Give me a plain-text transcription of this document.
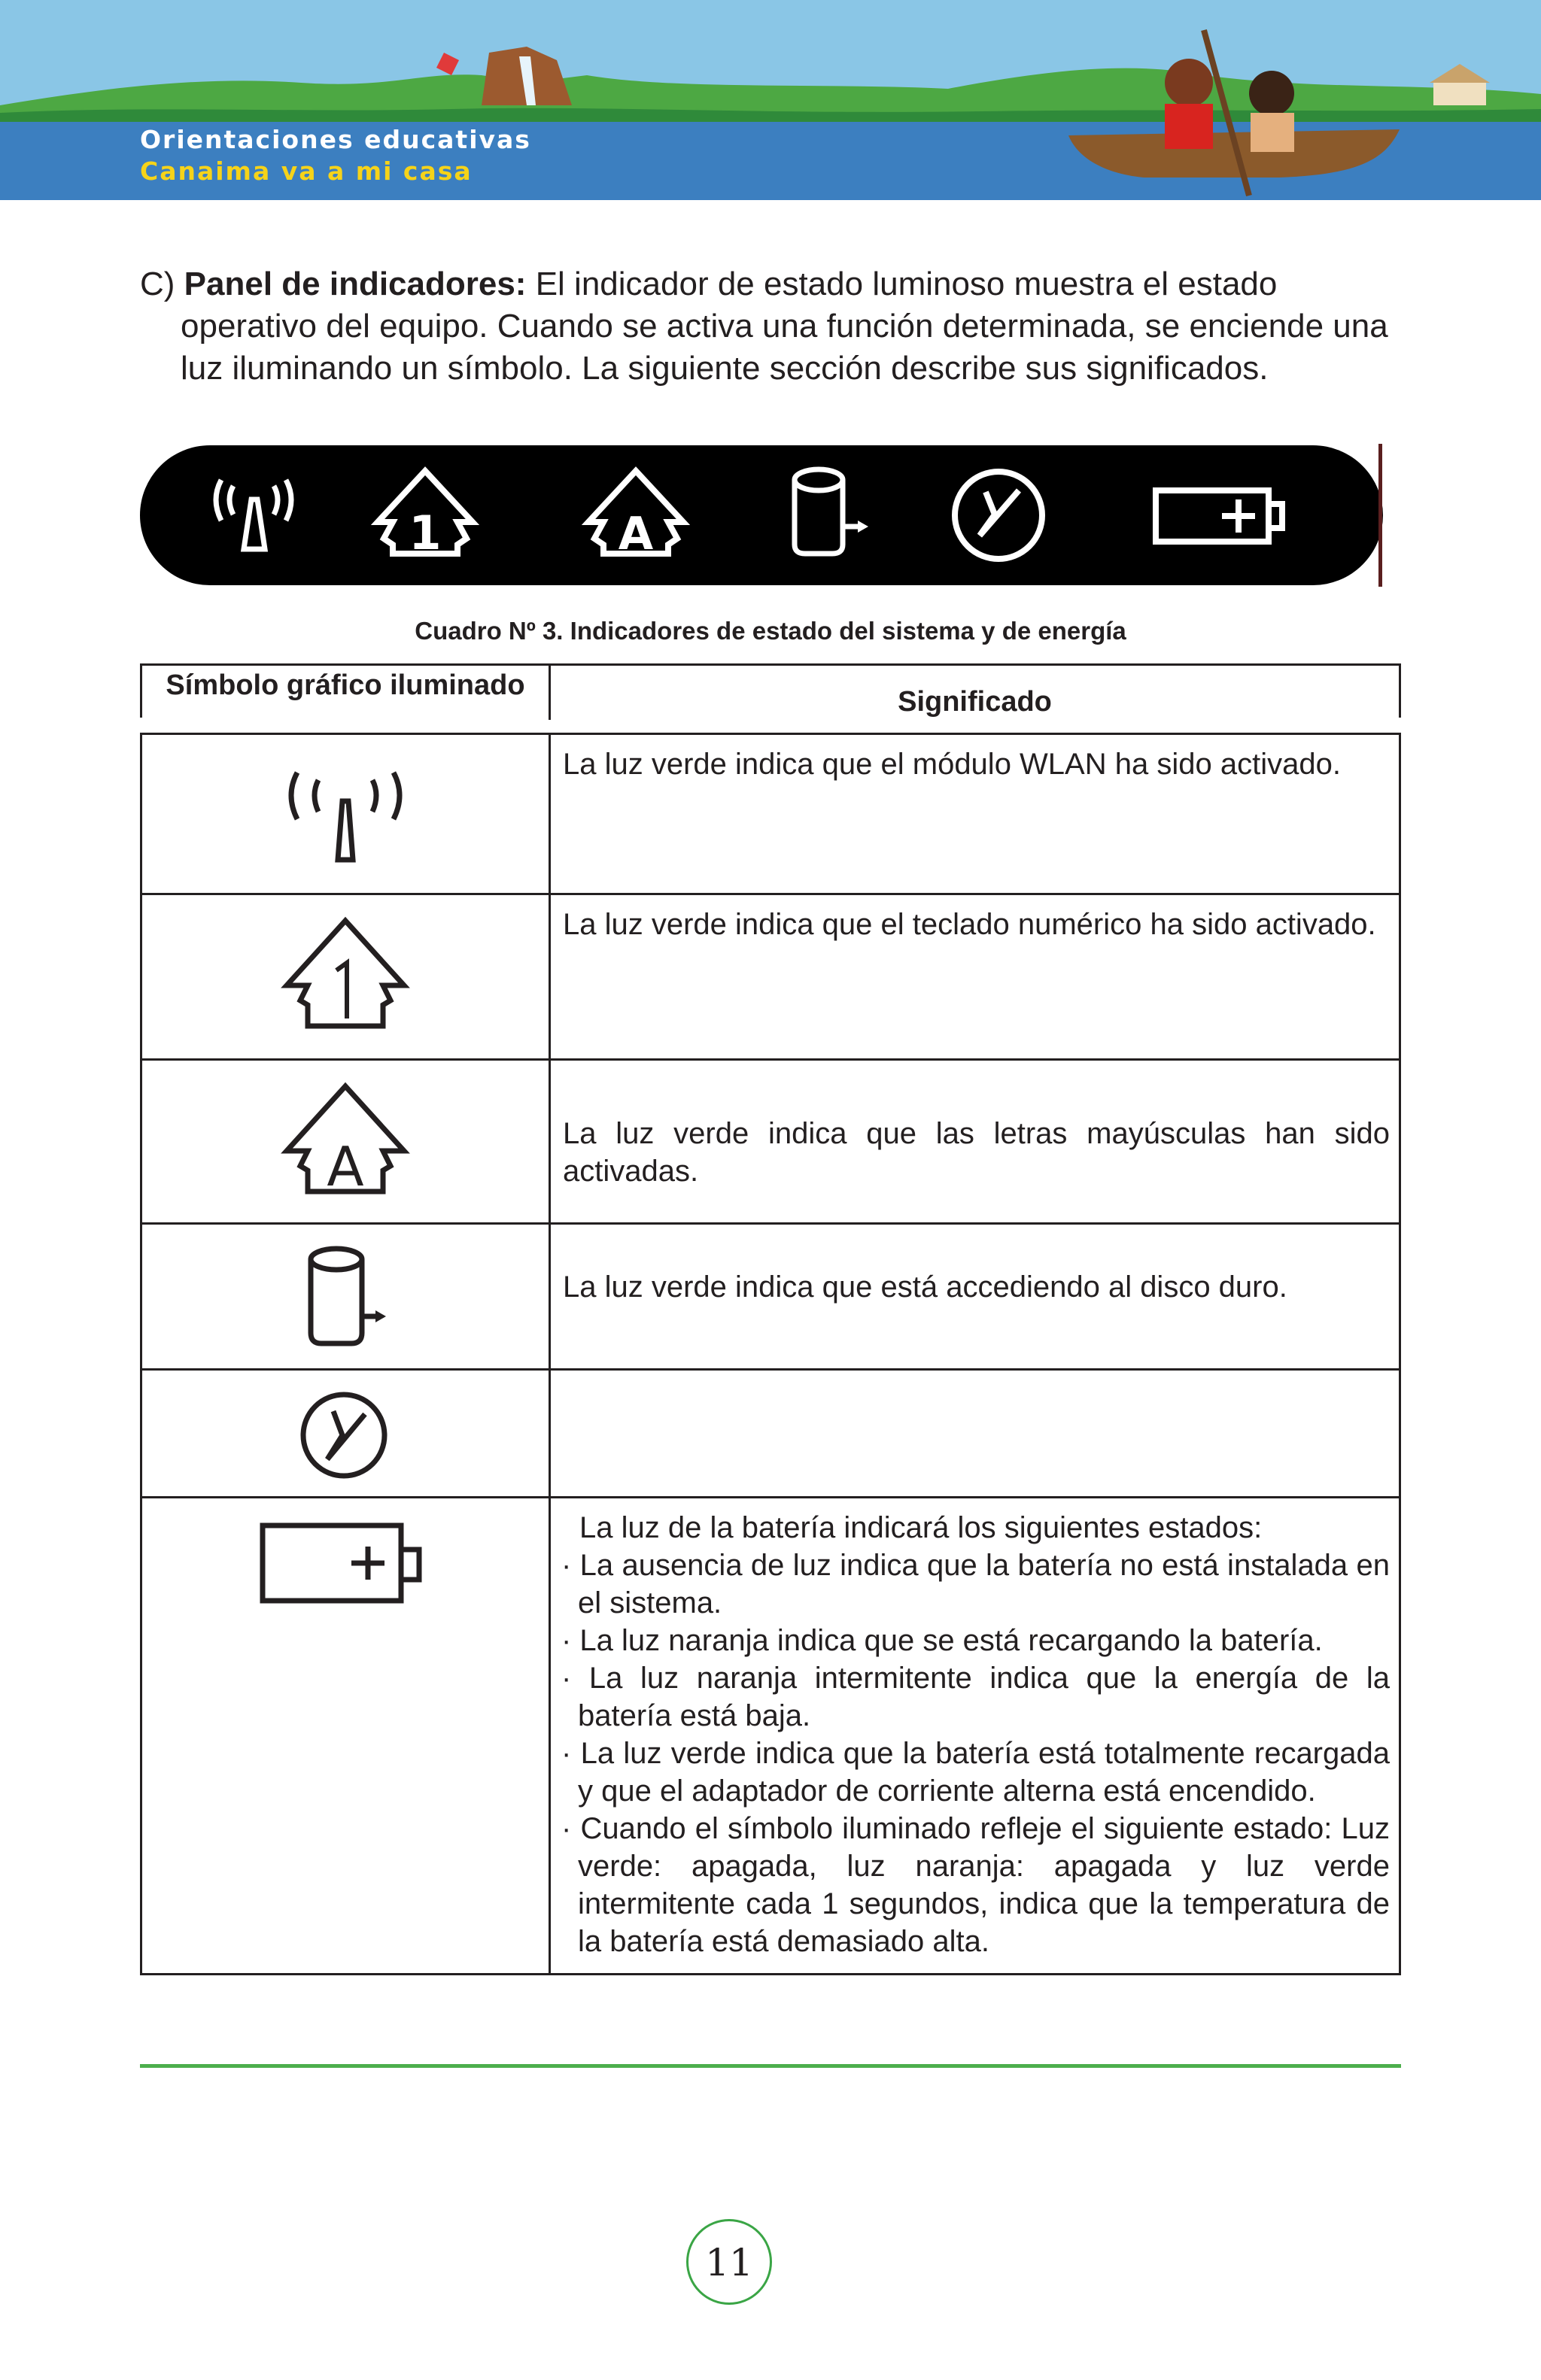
Orientaciones educativas
Canaima va a mi casa

C) Panel de indicadores: El indicador de estado luminoso muestra el estado operativo del equipo. Cuando se activa una función determinada, se enciende una luz iluminando un símbolo. La siguiente sección describe sus significados.

1	A
Cuadro Nº 3. Indicadores de estado del sistema y de energía
Símbolo gráfico iluminado
Significado

La luz verde indica que el módulo WLAN ha sido activado.

La luz verde indica que el teclado numérico ha sido activado.

A

La luz verde indica que las letras mayúsculas han sido activadas.

La luz verde indica que está accediendo al disco duro.

La luz de la batería indicará los siguientes estados:

· La ausencia de luz indica que la batería no está instalada en el sistema.

· La luz naranja indica que se está recargando la batería.

· La luz naranja intermitente indica que la energía de la batería está baja.

· La luz verde indica que la batería está totalmente recargada y que el adaptador de corriente alterna está encendido.

· Cuando el símbolo iluminado refleje el siguiente estado: Luz verde: apagada, luz naranja: apagada y luz verde intermitente cada 1 segundos, indica que la temperatura de la batería está demasiado alta.

11
